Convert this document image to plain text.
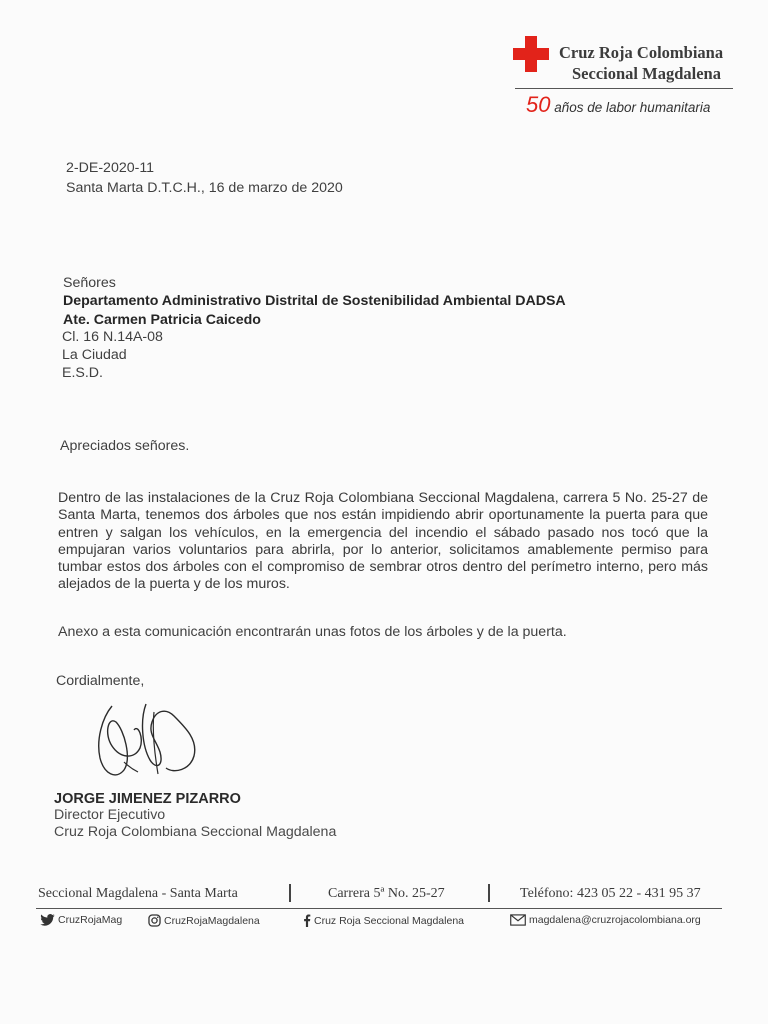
Cruz Roja Colombiana
Seccional Magdalena
50 años de labor humanitaria
2-DE-2020-11
Santa Marta D.T.C.H., 16 de marzo de 2020
Señores
Departamento Administrativo Distrital de Sostenibilidad Ambiental DADSA
Ate. Carmen Patricia Caicedo
Cl. 16 N.14A-08
La Ciudad
E.S.D.
Apreciados señores.
Dentro de las instalaciones de la Cruz Roja Colombiana Seccional Magdalena, carrera 5 No. 25-27 de Santa Marta, tenemos dos árboles que nos están impidiendo abrir oportunamente la puerta para que entren y salgan los vehículos, en la emergencia del incendio el sábado pasado nos tocó que la empujaran varios voluntarios para abrirla, por lo anterior, solicitamos amablemente permiso para tumbar estos dos árboles con el compromiso de sembrar otros dentro del perímetro interno, pero más alejados de la puerta y de los muros.
Anexo a esta comunicación encontrarán unas fotos de los árboles y de la puerta.
Cordialmente,
JORGE JIMENEZ PIZARRO
Director Ejecutivo
Cruz Roja Colombiana Seccional Magdalena
Seccional Magdalena - Santa Marta	Carrera 5ª No. 25-27	Teléfono: 423 05 22 - 431 95 37
CruzRojaMag	CruzRojaMagdalena	Cruz Roja Seccional Magdalena	magdalena@cruzrojacolombiana.org
